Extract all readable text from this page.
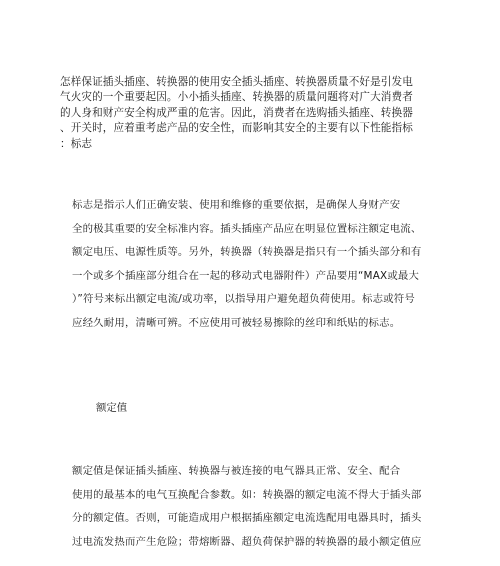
怎样保证插头插座、转换器的使用安全插头插座、转换器质量不好是引发电
气火灾的一个重要起因。小小插头插座、转换器的质量问题将对广大消费者
的人身和财产安全构成严重的危害。因此，消费者在选购插头插座、转换器
、开关时，应着重考虑产品的安全性，而影响其安全的主要有以下性能指标
：标志

标志是指示人们正确安装、使用和维修的重要依据，是确保人身财产安
全的极其重要的安全标准内容。插头插座产品应在明显位置标注额定电流、
额定电压、电源性质等。另外，转换器（转换器是指只有一个插头部分和有
一个或多个插座部分组合在一起的移动式电器附件）产品要用“MAX或最大
）”符号来标出额定电流/或功率，以指导用户避免超负荷使用。标志或符号
应经久耐用，清晰可辨。不应使用可被轻易擦除的丝印和纸贴的标志。

额定值

额定值是保证插头插座、转换器与被连接的电气器具正常、安全、配合
使用的最基本的电气互换配合参数。如：转换器的额定电流不得大于插头部
分的额定值。否则，可能造成用户根据插座额定电流选配用电器具时，插头
过电流发热而产生危险；带熔断器、超负荷保护器的转换器的最小额定值应
